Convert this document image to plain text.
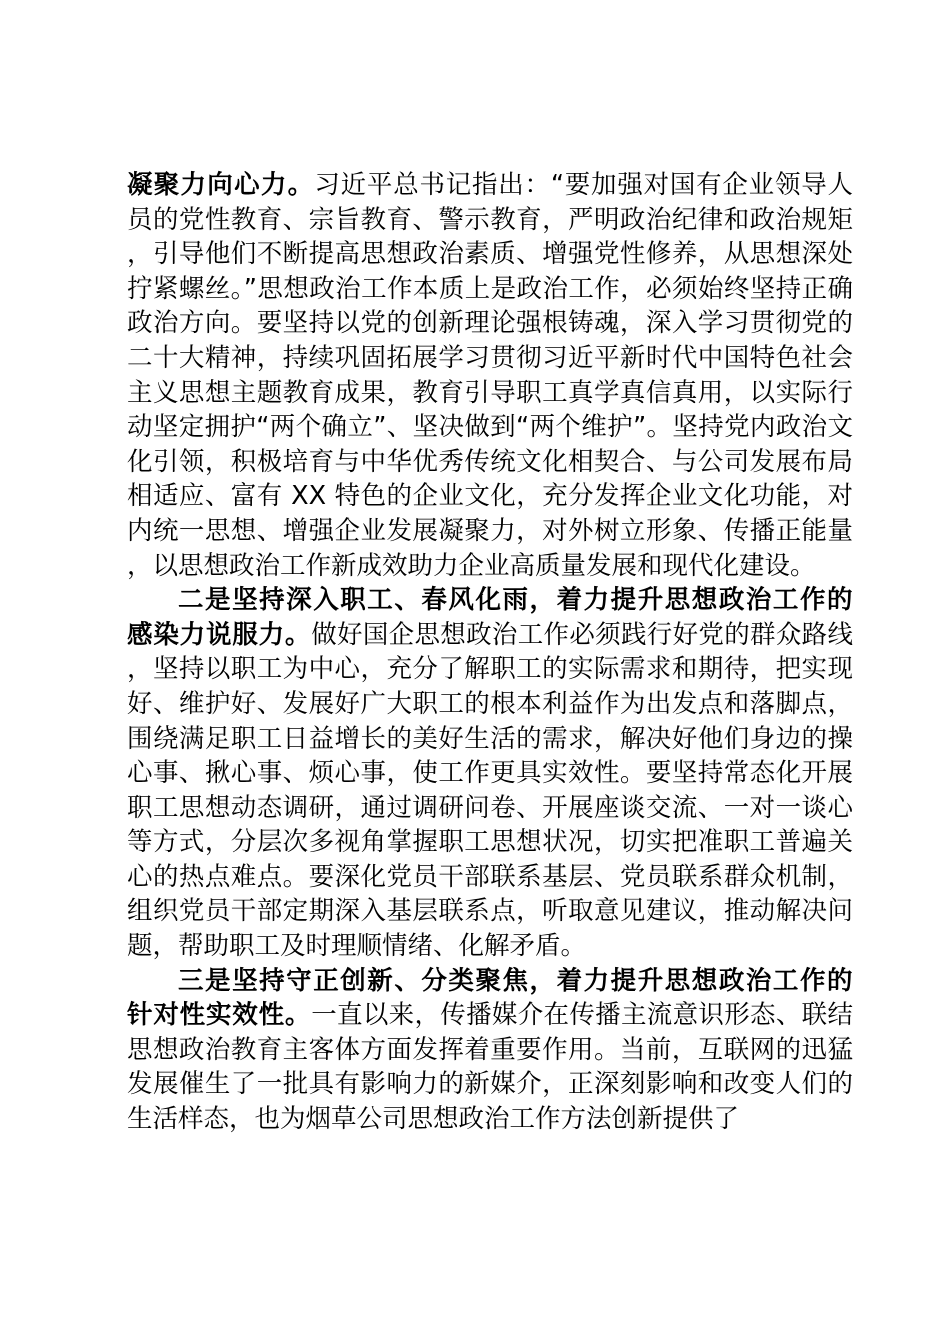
凝聚力向心力。习近平总书记指出：“要加强对国有企业领导人员的党性教育、宗旨教育、警示教育，严明政治纪律和政治规矩，引导他们不断提高思想政治素质、增强党性修养，从思想深处拧紧螺丝。”思想政治工作本质上是政治工作，必须始终坚持正确政治方向。要坚持以党的创新理论强根铸魂，深入学习贯彻党的二十大精神，持续巩固拓展学习贯彻习近平新时代中国特色社会主义思想主题教育成果，教育引导职工真学真信真用，以实际行动坚定拥护“两个确立”、坚决做到“两个维护”。坚持党内政治文化引领，积极培育与中华优秀传统文化相契合、与公司发展布局相适应、富有 XX 特色的企业文化，充分发挥企业文化功能，对内统一思想、增强企业发展凝聚力，对外树立形象、传播正能量，以思想政治工作新成效助力企业高质量发展和现代化建设。

二是坚持深入职工、春风化雨，着力提升思想政治工作的感染力说服力。做好国企思想政治工作必须践行好党的群众路线，坚持以职工为中心，充分了解职工的实际需求和期待，把实现好、维护好、发展好广大职工的根本利益作为出发点和落脚点，围绕满足职工日益增长的美好生活的需求，解决好他们身边的操心事、揪心事、烦心事，使工作更具实效性。要坚持常态化开展职工思想动态调研，通过调研问卷、开展座谈交流、一对一谈心等方式，分层次多视角掌握职工思想状况，切实把准职工普遍关心的热点难点。要深化党员干部联系基层、党员联系群众机制，组织党员干部定期深入基层联系点，听取意见建议，推动解决问题，帮助职工及时理顺情绪、化解矛盾。

三是坚持守正创新、分类聚焦，着力提升思想政治工作的针对性实效性。一直以来，传播媒介在传播主流意识形态、联结思想政治教育主客体方面发挥着重要作用。当前，互联网的迅猛发展催生了一批具有影响力的新媒介，正深刻影响和改变人们的生活样态，也为烟草公司思想政治工作方法创新提供了
